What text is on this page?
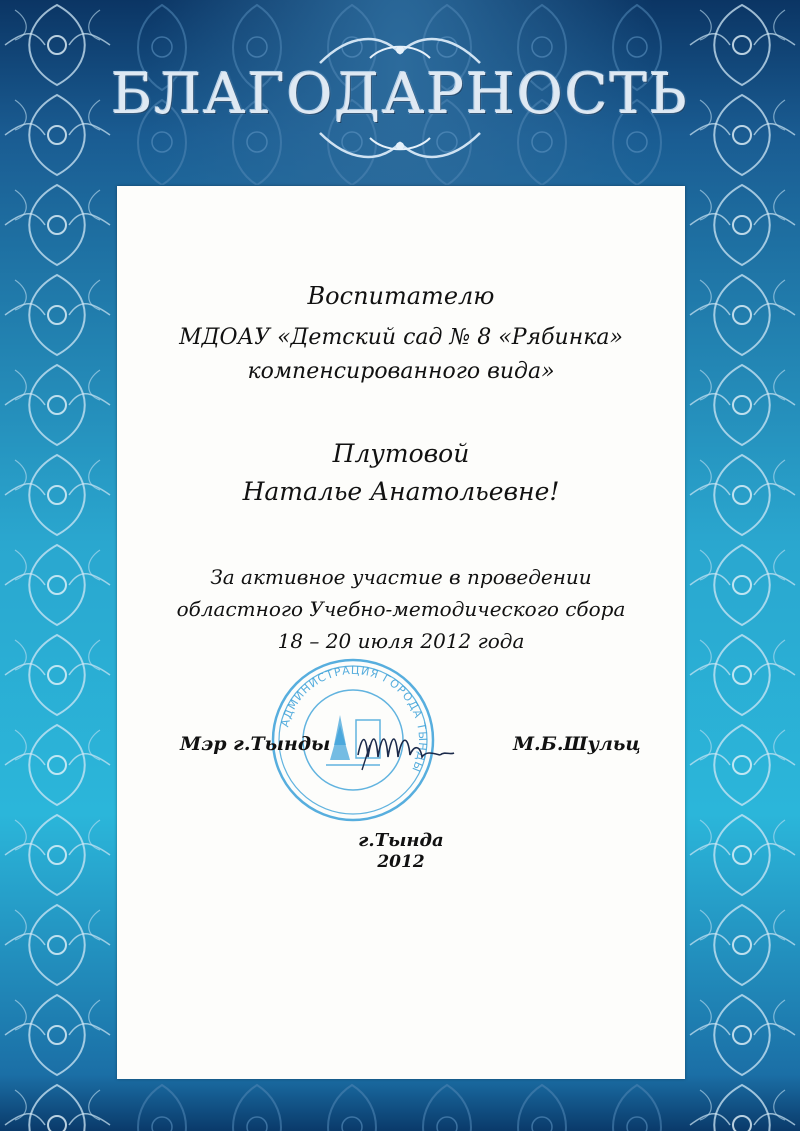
БЛАГОДАРНОСТЬ
Воспитателю
МДОАУ «Детский сад № 8 «Рябинка»
компенсированного вида»
Плутовой
Наталье Анатольевне!
За активное участие в проведении
областного Учебно-методического сбора
18 – 20 июля 2012 года
АДМИНИСТРАЦИЯ ГОРОДА ТЫНДЫ
Мэр г.Тынды	М.Б.Шульц
г.Тында
2012
